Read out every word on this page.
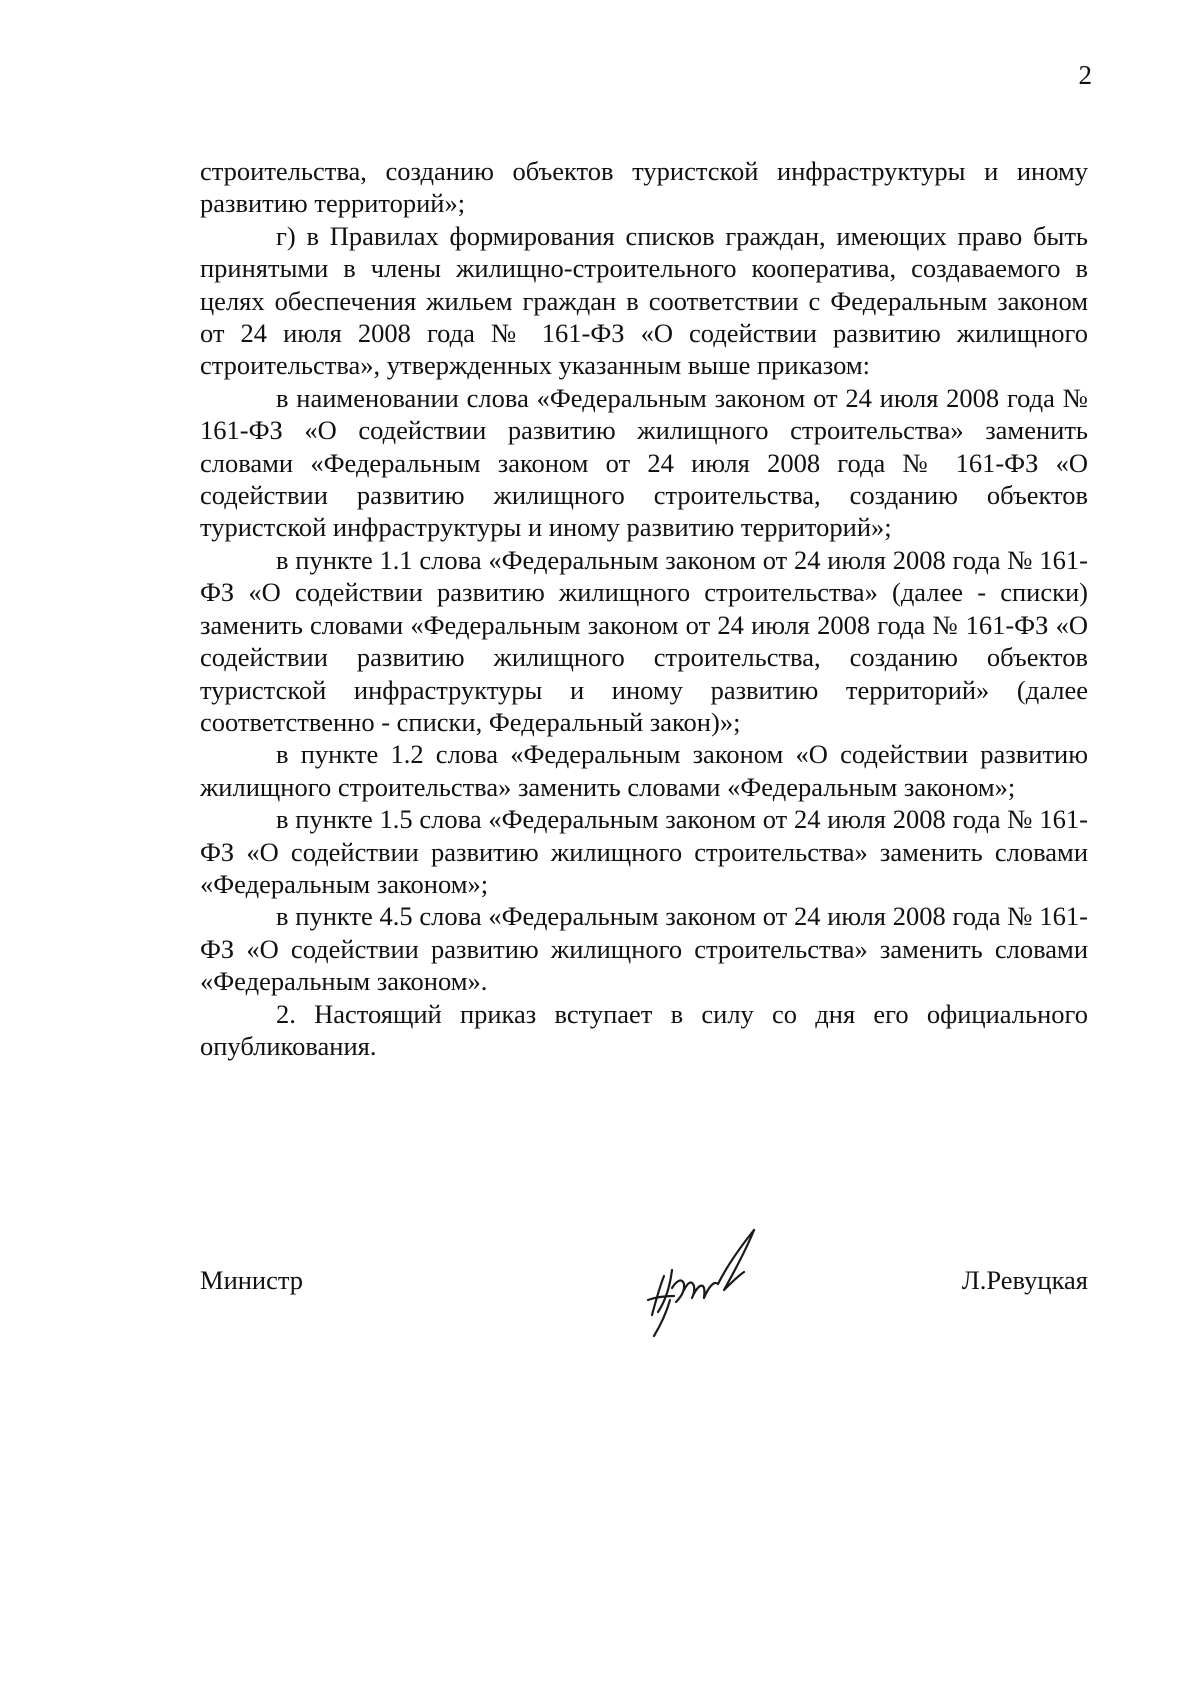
2

строительства, созданию объектов туристской инфраструктуры и иному развитию территорий»;

г) в Правилах формирования списков граждан, имеющих право быть принятыми в члены жилищно-строительного кооператива, создаваемого в целях обеспечения жильем граждан в соответствии с Федеральным законом от 24 июля 2008 года № 161-ФЗ «О содействии развитию жилищного строительства», утвержденных указанным выше приказом:

в наименовании слова «Федеральным законом от 24 июля 2008 года № 161-ФЗ «О содействии развитию жилищного строительства» заменить словами «Федеральным законом от 24 июля 2008 года № 161-ФЗ «О содействии развитию жилищного строительства, созданию объектов туристской инфраструктуры и иному развитию территорий»;

в пункте 1.1 слова «Федеральным законом от 24 июля 2008 года № 161-ФЗ «О содействии развитию жилищного строительства» (далее - списки) заменить словами «Федеральным законом от 24 июля 2008 года № 161-ФЗ «О содействии развитию жилищного строительства, созданию объектов туристской инфраструктуры и иному развитию территорий» (далее соответственно - списки, Федеральный закон)»;

в пункте 1.2 слова «Федеральным законом «О содействии развитию жилищного строительства» заменить словами «Федеральным законом»;

в пункте 1.5 слова «Федеральным законом от 24 июля 2008 года № 161-ФЗ «О содействии развитию жилищного строительства» заменить словами «Федеральным законом»;

в пункте 4.5 слова «Федеральным законом от 24 июля 2008 года № 161-ФЗ «О содействии развитию жилищного строительства» заменить словами «Федеральным законом».

2. Настоящий приказ вступает в силу со дня его официального опубликования.

Министр	Л.Ревуцкая
